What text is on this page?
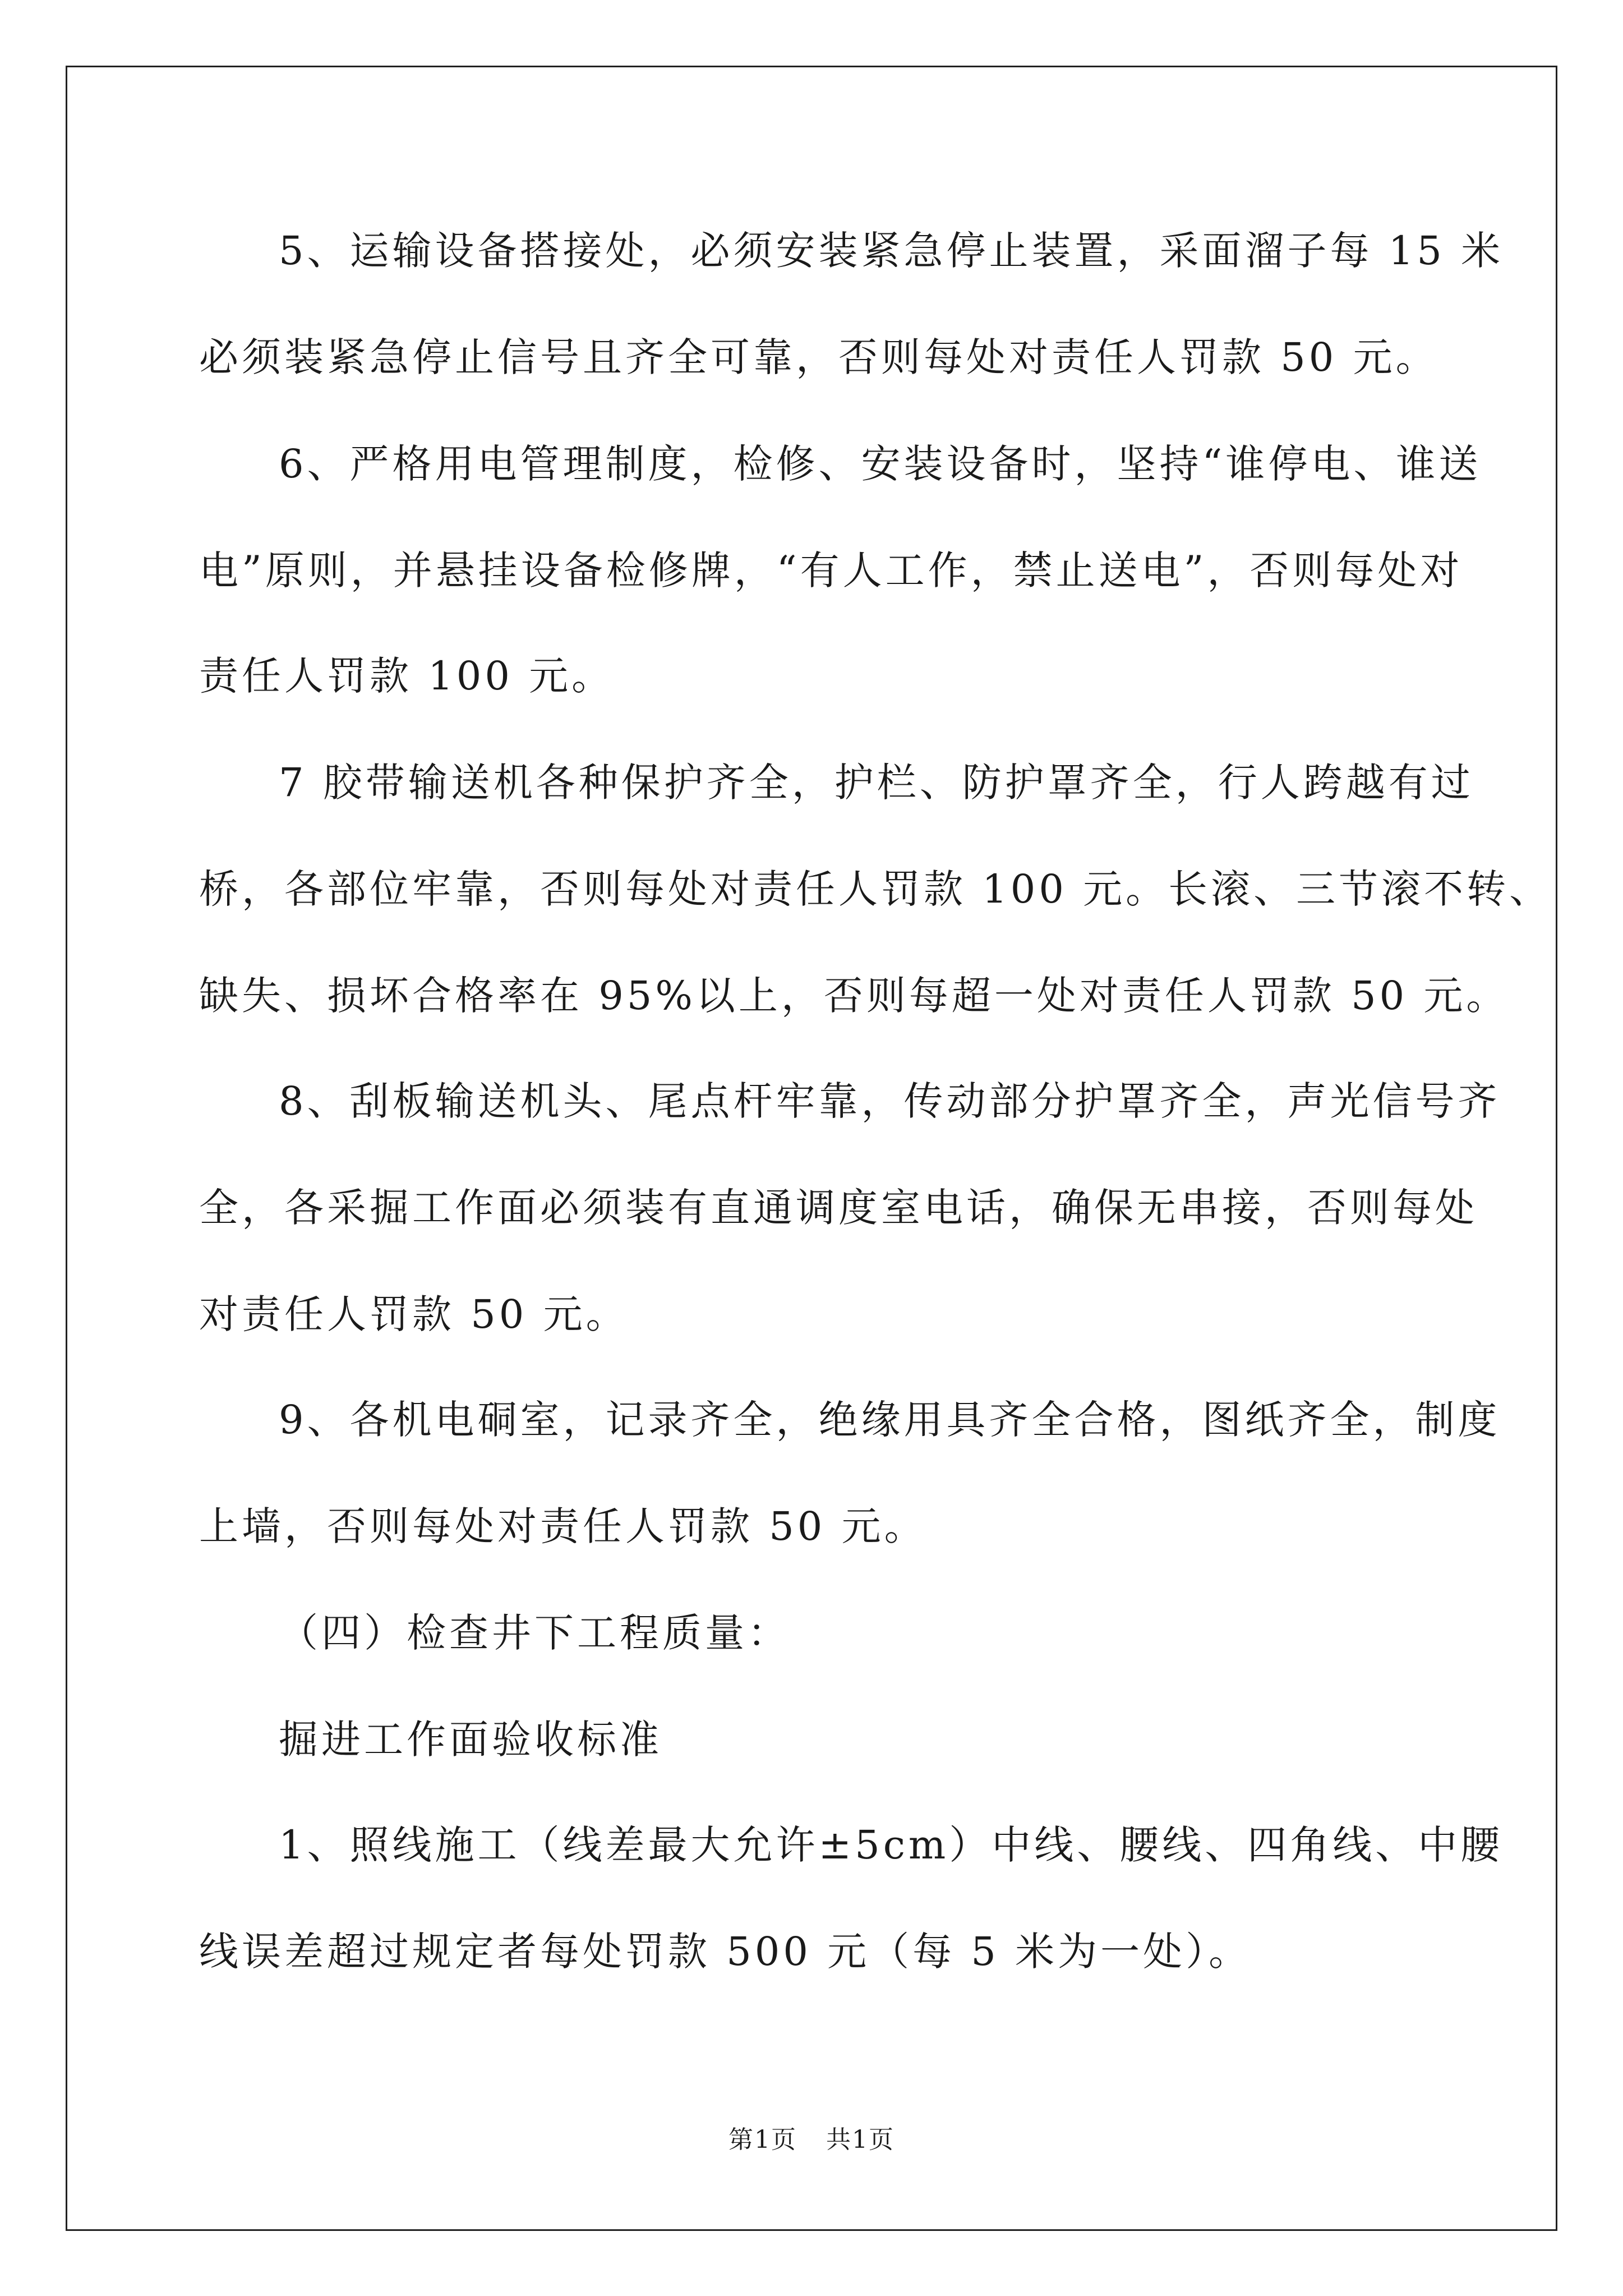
5、运输设备搭接处，必须安装紧急停止装置，采面溜子每 15 米
必须装紧急停止信号且齐全可靠，否则每处对责任人罚款 50 元。
6、严格用电管理制度，检修、安装设备时，坚持“谁停电、谁送
电”原则，并悬挂设备检修牌，“有人工作，禁止送电”，否则每处对
责任人罚款 100 元。
7 胶带输送机各种保护齐全，护栏、防护罩齐全，行人跨越有过
桥，各部位牢靠，否则每处对责任人罚款 100 元。长滚、三节滚不转、
缺失、损坏合格率在 95%以上，否则每超一处对责任人罚款 50 元。
8、刮板输送机头、尾点杆牢靠，传动部分护罩齐全，声光信号齐
全，各采掘工作面必须装有直通调度室电话，确保无串接，否则每处
对责任人罚款 50 元。
9、各机电硐室，记录齐全，绝缘用具齐全合格，图纸齐全，制度
上墙，否则每处对责任人罚款 50 元。
（四）检查井下工程质量：
掘进工作面验收标准
1、照线施工（线差最大允许±5cm）中线、腰线、四角线、中腰
线误差超过规定者每处罚款 500 元（每 5 米为一处）。
第1页 共1页
